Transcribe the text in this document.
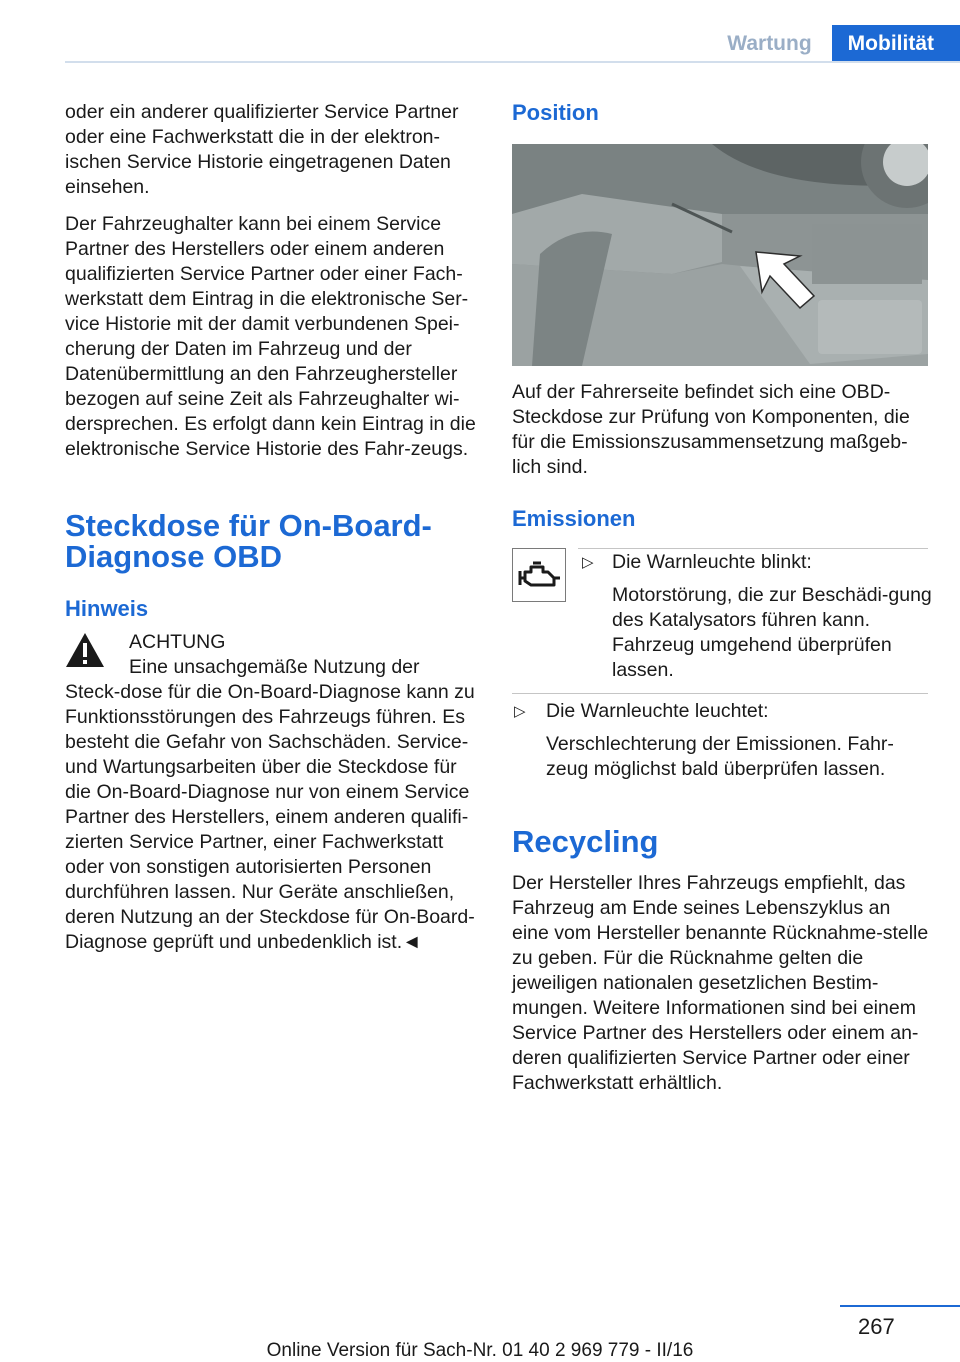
Wartung	Mobilität

oder ein anderer qualifizierter Service Partner oder eine Fachwerkstatt die in der elektron-ischen Service Historie eingetragenen Daten einsehen.

Der Fahrzeughalter kann bei einem Service Partner des Herstellers oder einem anderen qualifizierten Service Partner oder einer Fach-werkstatt dem Eintrag in die elektronische Ser-vice Historie mit der damit verbundenen Spei-cherung der Daten im Fahrzeug und der Datenübermittlung an den Fahrzeughersteller bezogen auf seine Zeit als Fahrzeughalter wi-dersprechen. Es erfolgt dann kein Eintrag in die elektronische Service Historie des Fahr-zeugs.

Steckdose für On-Board-
Diagnose OBD
Hinweis

ACHTUNG

Eine unsachgemäße Nutzung der Steck-dose für die On-Board-Diagnose kann zu Funktionsstörungen des Fahrzeugs führen. Es besteht die Gefahr von Sachschäden. Service- und Wartungsarbeiten über die Steckdose für die On-Board-Diagnose nur von einem Service Partner des Herstellers, einem anderen qualifi-zierten Service Partner, einer Fachwerkstatt oder von sonstigen autorisierten Personen durchführen lassen. Nur Geräte anschließen, deren Nutzung an der Steckdose für On-Board-Diagnose geprüft und unbedenklich ist.◄

Position

Auf der Fahrerseite befindet sich eine OBD-Steckdose zur Prüfung von Komponenten, die für die Emissionszusammensetzung maßgeb-lich sind.

Emissionen
▷ Die Warnleuchte blinkt:

Motorstörung, die zur Beschädi-gung des Katalysators führen kann. Fahrzeug umgehend überprüfen lassen.

▷ Die Warnleuchte leuchtet:

Verschlechterung der Emissionen. Fahr-zeug möglichst bald überprüfen lassen.

Recycling

Der Hersteller Ihres Fahrzeugs empfiehlt, das Fahrzeug am Ende seines Lebenszyklus an eine vom Hersteller benannte Rücknahme-stelle zu geben. Für die Rücknahme gelten die jeweiligen nationalen gesetzlichen Bestim-mungen. Weitere Informationen sind bei einem Service Partner des Herstellers oder einem an-deren qualifizierten Service Partner oder einer Fachwerkstatt erhältlich.

267
Online Version für Sach-Nr. 01 40 2 969 779 - II/16
